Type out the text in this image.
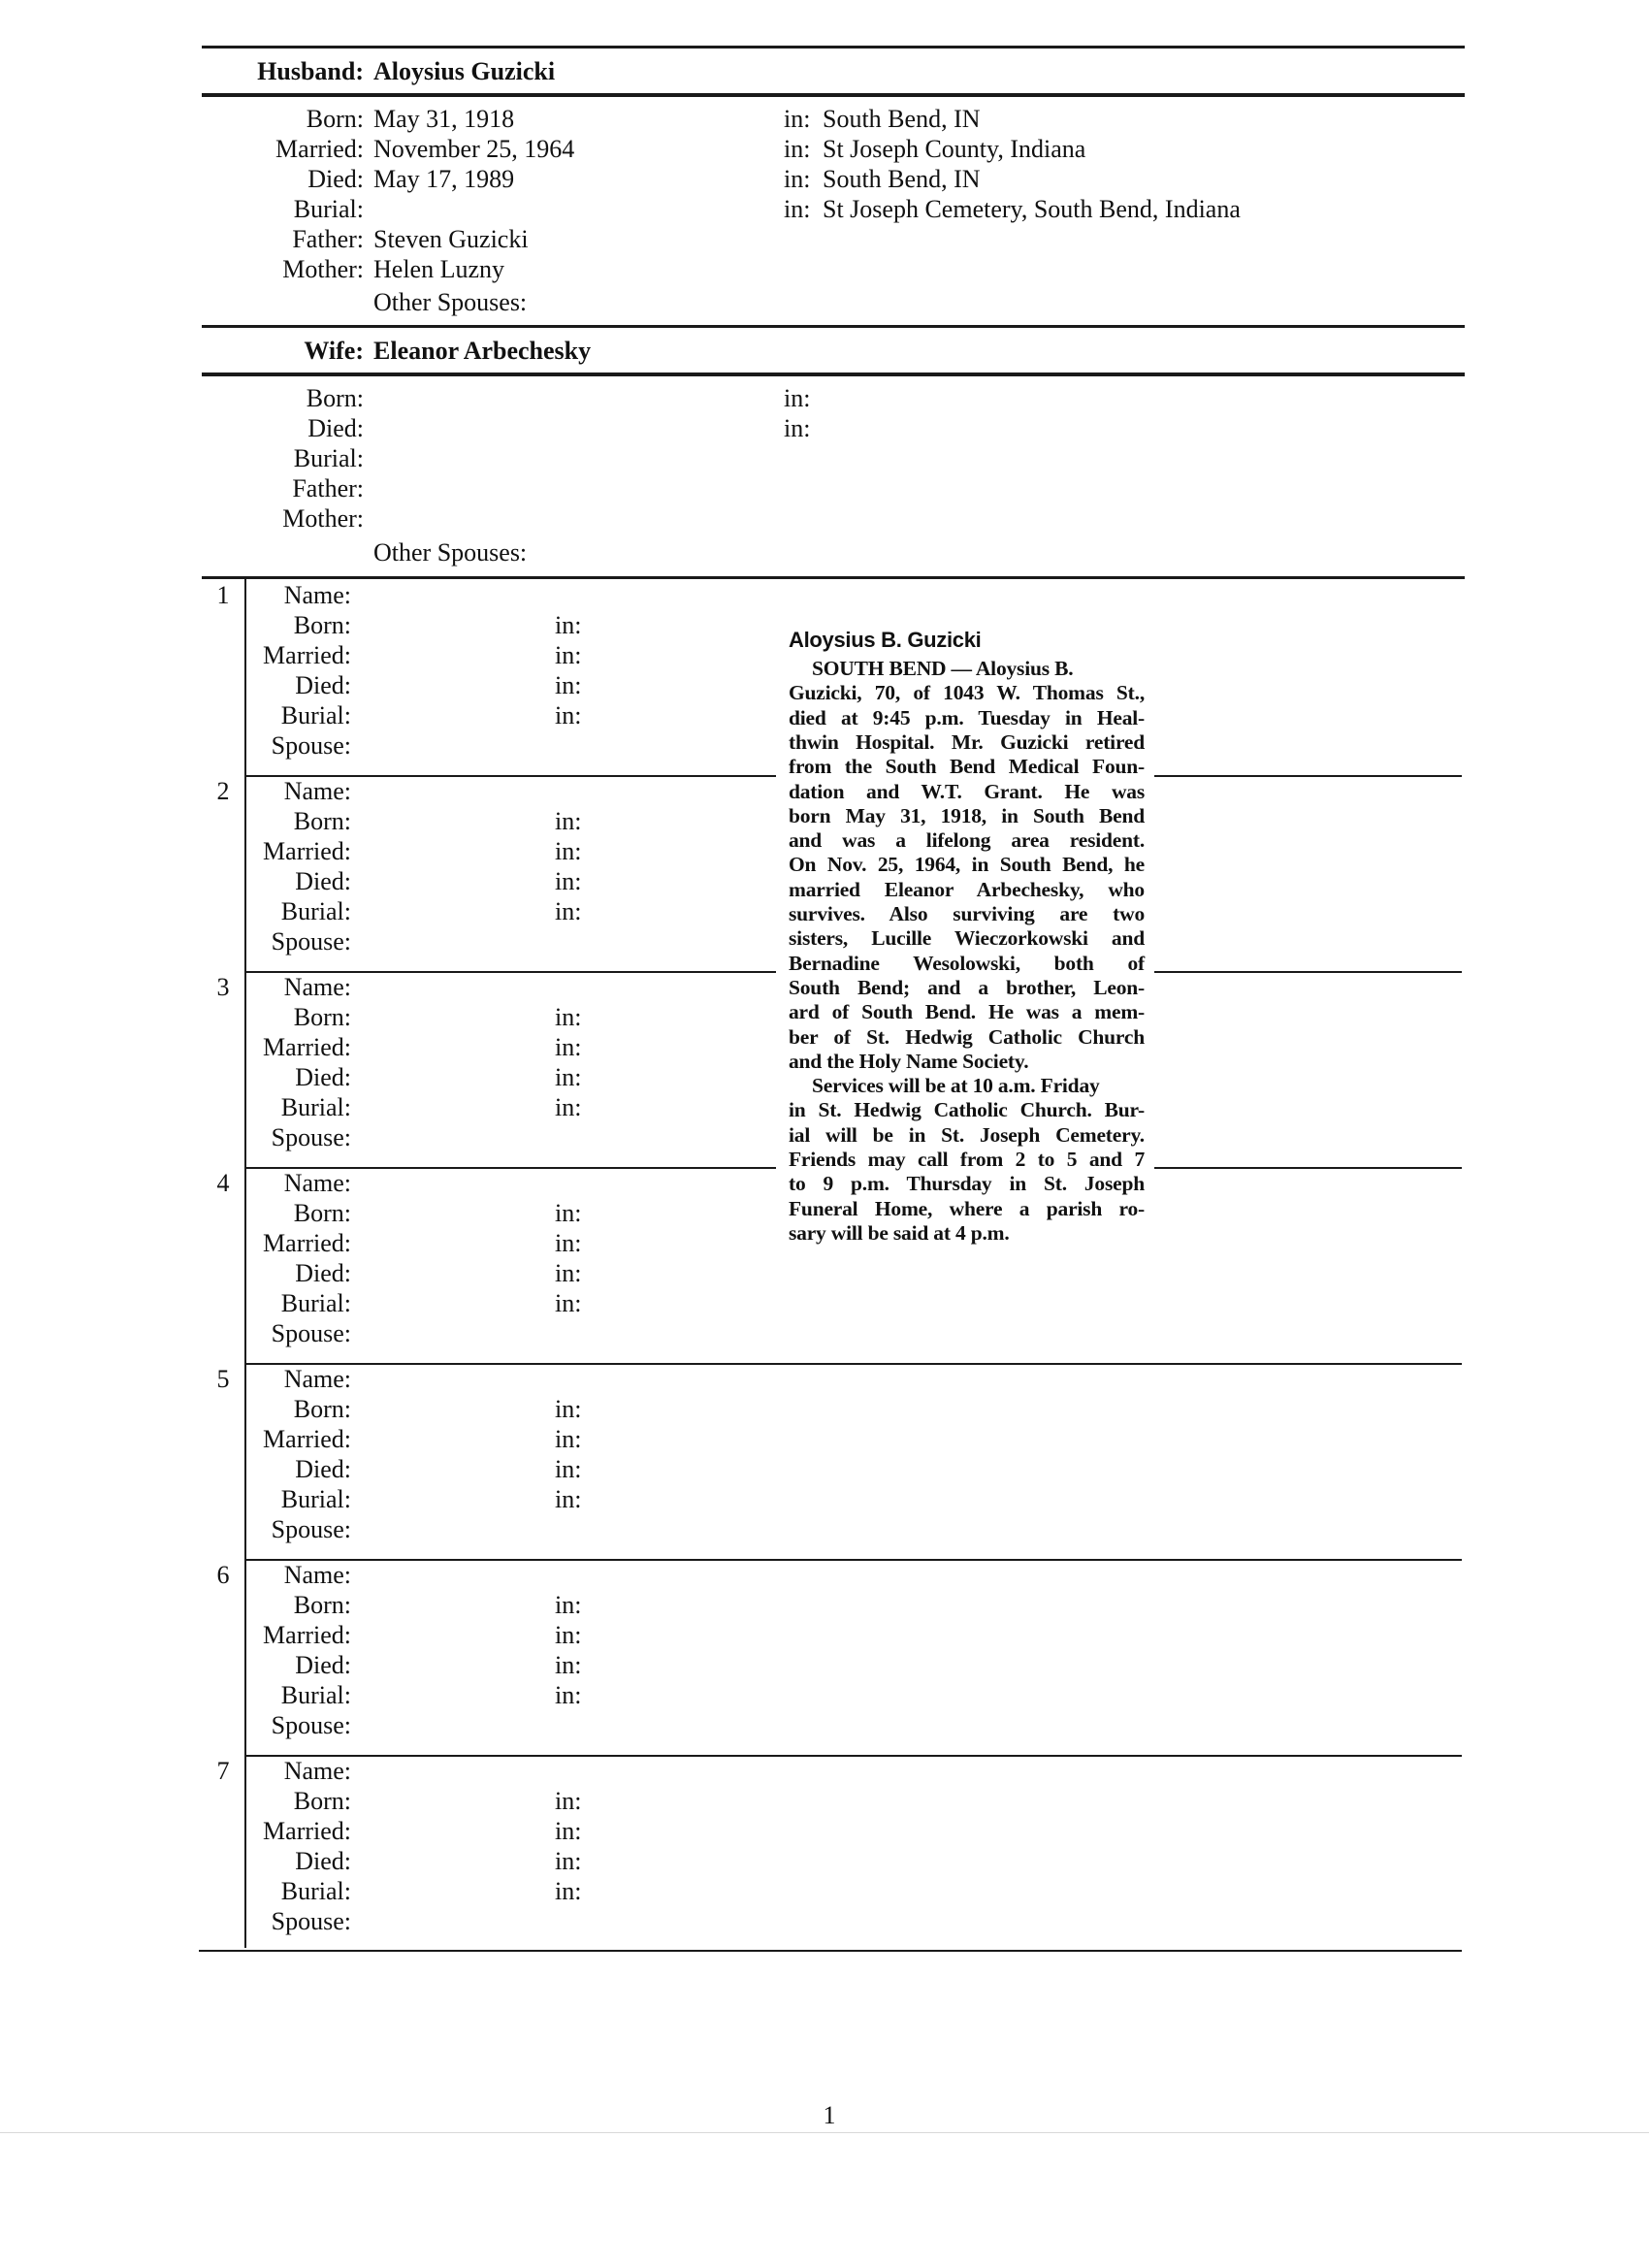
Husband: Aloysius Guzicki
Born: May 31, 1918	in: South Bend, IN
Married: November 25, 1964	in: St Joseph County, Indiana
Died: May 17, 1989	in: South Bend, IN
Burial:	in: St Joseph Cemetery, South Bend, Indiana
Father: Steven Guzicki
Mother: Helen Luzny
Other Spouses:
Wife: Eleanor Arbechesky
Born:	in:
Died:	in:
Burial:
Father:
Mother:
Other Spouses:
1	Name:
Born:	in:
Married:	in:
Died:	in:
Burial:	in:
Spouse:
2	Name:
Born:	in:
Married:	in:
Died:	in:
Burial:	in:
Spouse:
3	Name:
Born:	in:
Married:	in:
Died:	in:
Burial:	in:
Spouse:
4	Name:
Born:	in:
Married:	in:
Died:	in:
Burial:	in:
Spouse:
5	Name:
Born:	in:
Married:	in:
Died:	in:
Burial:	in:
Spouse:
6	Name:
Born:	in:
Married:	in:
Died:	in:
Burial:	in:
Spouse:
7	Name:
Born:	in:
Married:	in:
Died:	in:
Burial:	in:
Spouse:
Aloysius B. Guzicki
SOUTH BEND — Aloysius B.
Guzicki, 70, of 1043 W. Thomas St.,
died at 9:45 p.m. Tuesday in Heal-
thwin Hospital. Mr. Guzicki retired
from the South Bend Medical Foun-
dation and W.T. Grant. He was
born May 31, 1918, in South Bend
and was a lifelong area resident.
On Nov. 25, 1964, in South Bend, he
married Eleanor Arbechesky, who
survives. Also surviving are two
sisters, Lucille Wieczorkowski and
Bernadine Wesolowski, both of
South Bend; and a brother, Leon-
ard of South Bend. He was a mem-
ber of St. Hedwig Catholic Church
and the Holy Name Society.
Services will be at 10 a.m. Friday
in St. Hedwig Catholic Church. Bur-
ial will be in St. Joseph Cemetery.
Friends may call from 2 to 5 and 7
to 9 p.m. Thursday in St. Joseph
Funeral Home, where a parish ro-
sary will be said at 4 p.m.
1
